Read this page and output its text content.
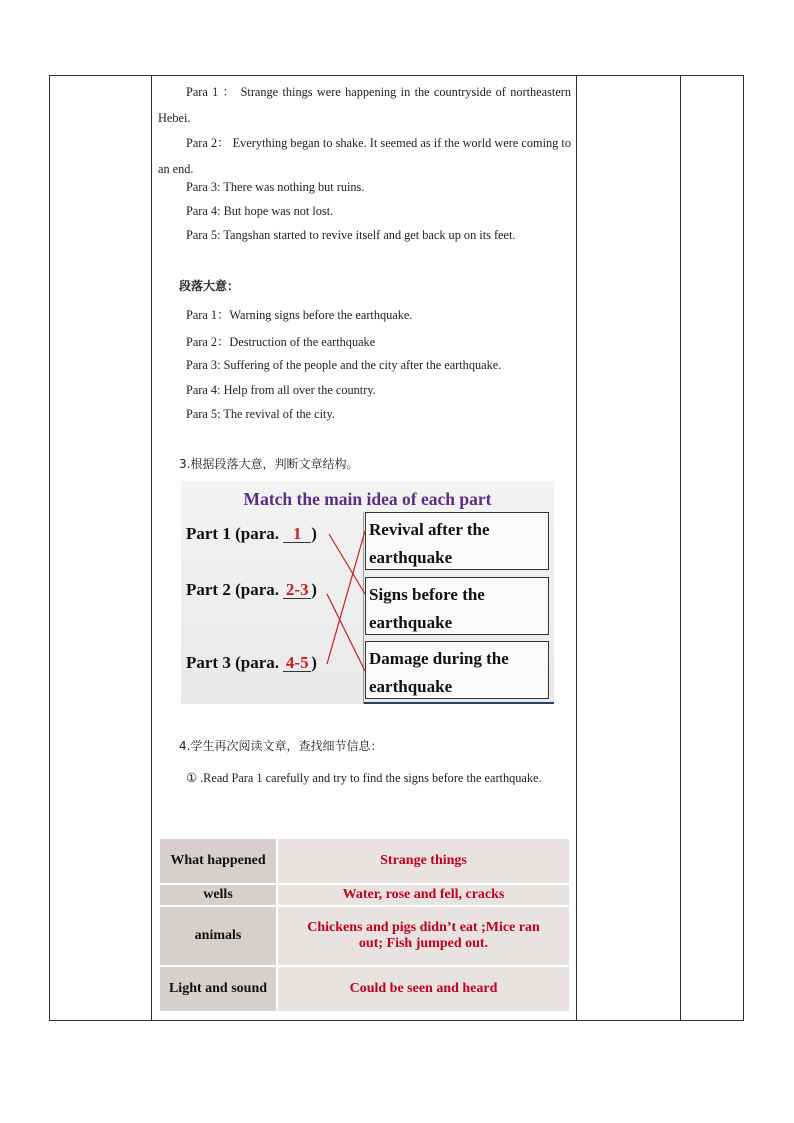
Para 1 ： Strange things were happening in the countryside of northeastern Hebei.
Para 2： Everything began to shake. It seemed as if the world were coming to an end.
Para 3: There was nothing but ruins.
Para 4: But hope was not lost.
Para 5: Tangshan started to revive itself and get back up on its feet.
段落大意：
Para 1：Warning signs before the earthquake.
Para 2：Destruction of the earthquake
Para 3: Suffering of the people and the city after the earthquake.
Para 4: Help from all over the country.
Para 5: The revival of the city.
3.根据段落大意，判断文章结构。
Match the main idea of each part
Part 1 (para. 1 )
Part 2 (para. 2-3 )
Part 3 (para. 4-5 )
Revival after the
earthquake
Signs before the
earthquake
Damage during the
earthquake
4.学生再次阅读文章，查找细节信息：
① .Read Para 1 carefully and try to find the signs before the earthquake.
What happened	Strange things
wells	Water, rose and fell, cracks
animals	Chickens and pigs didn’t eat ;Mice ran out; Fish jumped out.
Light and sound	Could be seen and heard
